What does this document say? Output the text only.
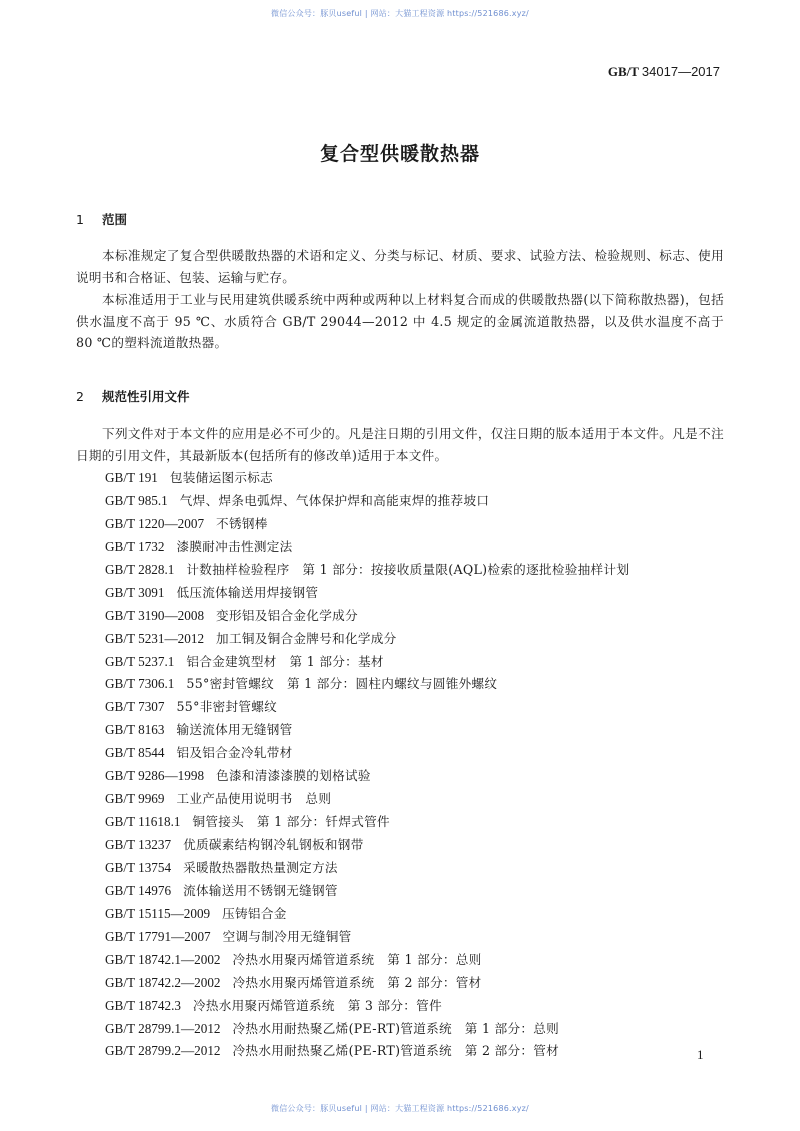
微信公众号：豚贝useful | 网站：大猫工程资源 https://521686.xyz/
GB/T 34017—2017
复合型供暖散热器
1 范围

本标准规定了复合型供暖散热器的术语和定义、分类与标记、材质、要求、试验方法、检验规则、标志、使用说明书和合格证、包装、运输与贮存。

本标准适用于工业与民用建筑供暖系统中两种或两种以上材料复合而成的供暖散热器(以下简称散热器)，包括供水温度不高于 95 ℃、水质符合 GB/T 29044—2012 中 4.5 规定的金属流道散热器，以及供水温度不高于 80 ℃的塑料流道散热器。

2 规范性引用文件

下列文件对于本文件的应用是必不可少的。凡是注日期的引用文件，仅注日期的版本适用于本文件。凡是不注日期的引用文件，其最新版本(包括所有的修改单)适用于本文件。

GB/T 191 包装储运图示标志
GB/T 985.1 气焊、焊条电弧焊、气体保护焊和高能束焊的推荐坡口
GB/T 1220—2007 不锈钢棒
GB/T 1732 漆膜耐冲击性测定法
GB/T 2828.1 计数抽样检验程序　第 1 部分：按接收质量限(AQL)检索的逐批检验抽样计划
GB/T 3091 低压流体输送用焊接钢管
GB/T 3190—2008 变形铝及铝合金化学成分
GB/T 5231—2012 加工铜及铜合金牌号和化学成分
GB/T 5237.1 铝合金建筑型材　第 1 部分：基材
GB/T 7306.1 55°密封管螺纹　第 1 部分：圆柱内螺纹与圆锥外螺纹
GB/T 7307 55°非密封管螺纹
GB/T 8163 输送流体用无缝钢管
GB/T 8544 铝及铝合金冷轧带材
GB/T 9286—1998 色漆和清漆漆膜的划格试验
GB/T 9969 工业产品使用说明书　总则
GB/T 11618.1 铜管接头　第 1 部分：钎焊式管件
GB/T 13237 优质碳素结构钢冷轧钢板和钢带
GB/T 13754 采暖散热器散热量测定方法
GB/T 14976 流体输送用不锈钢无缝钢管
GB/T 15115—2009 压铸铝合金
GB/T 17791—2007 空调与制冷用无缝铜管
GB/T 18742.1—2002 冷热水用聚丙烯管道系统　第 1 部分：总则
GB/T 18742.2—2002 冷热水用聚丙烯管道系统　第 2 部分：管材
GB/T 18742.3 冷热水用聚丙烯管道系统　第 3 部分：管件
GB/T 28799.1—2012 冷热水用耐热聚乙烯(PE-RT)管道系统　第 1 部分：总则
GB/T 28799.2—2012 冷热水用耐热聚乙烯(PE-RT)管道系统　第 2 部分：管材	1
微信公众号：豚贝useful | 网站：大猫工程资源 https://521686.xyz/
